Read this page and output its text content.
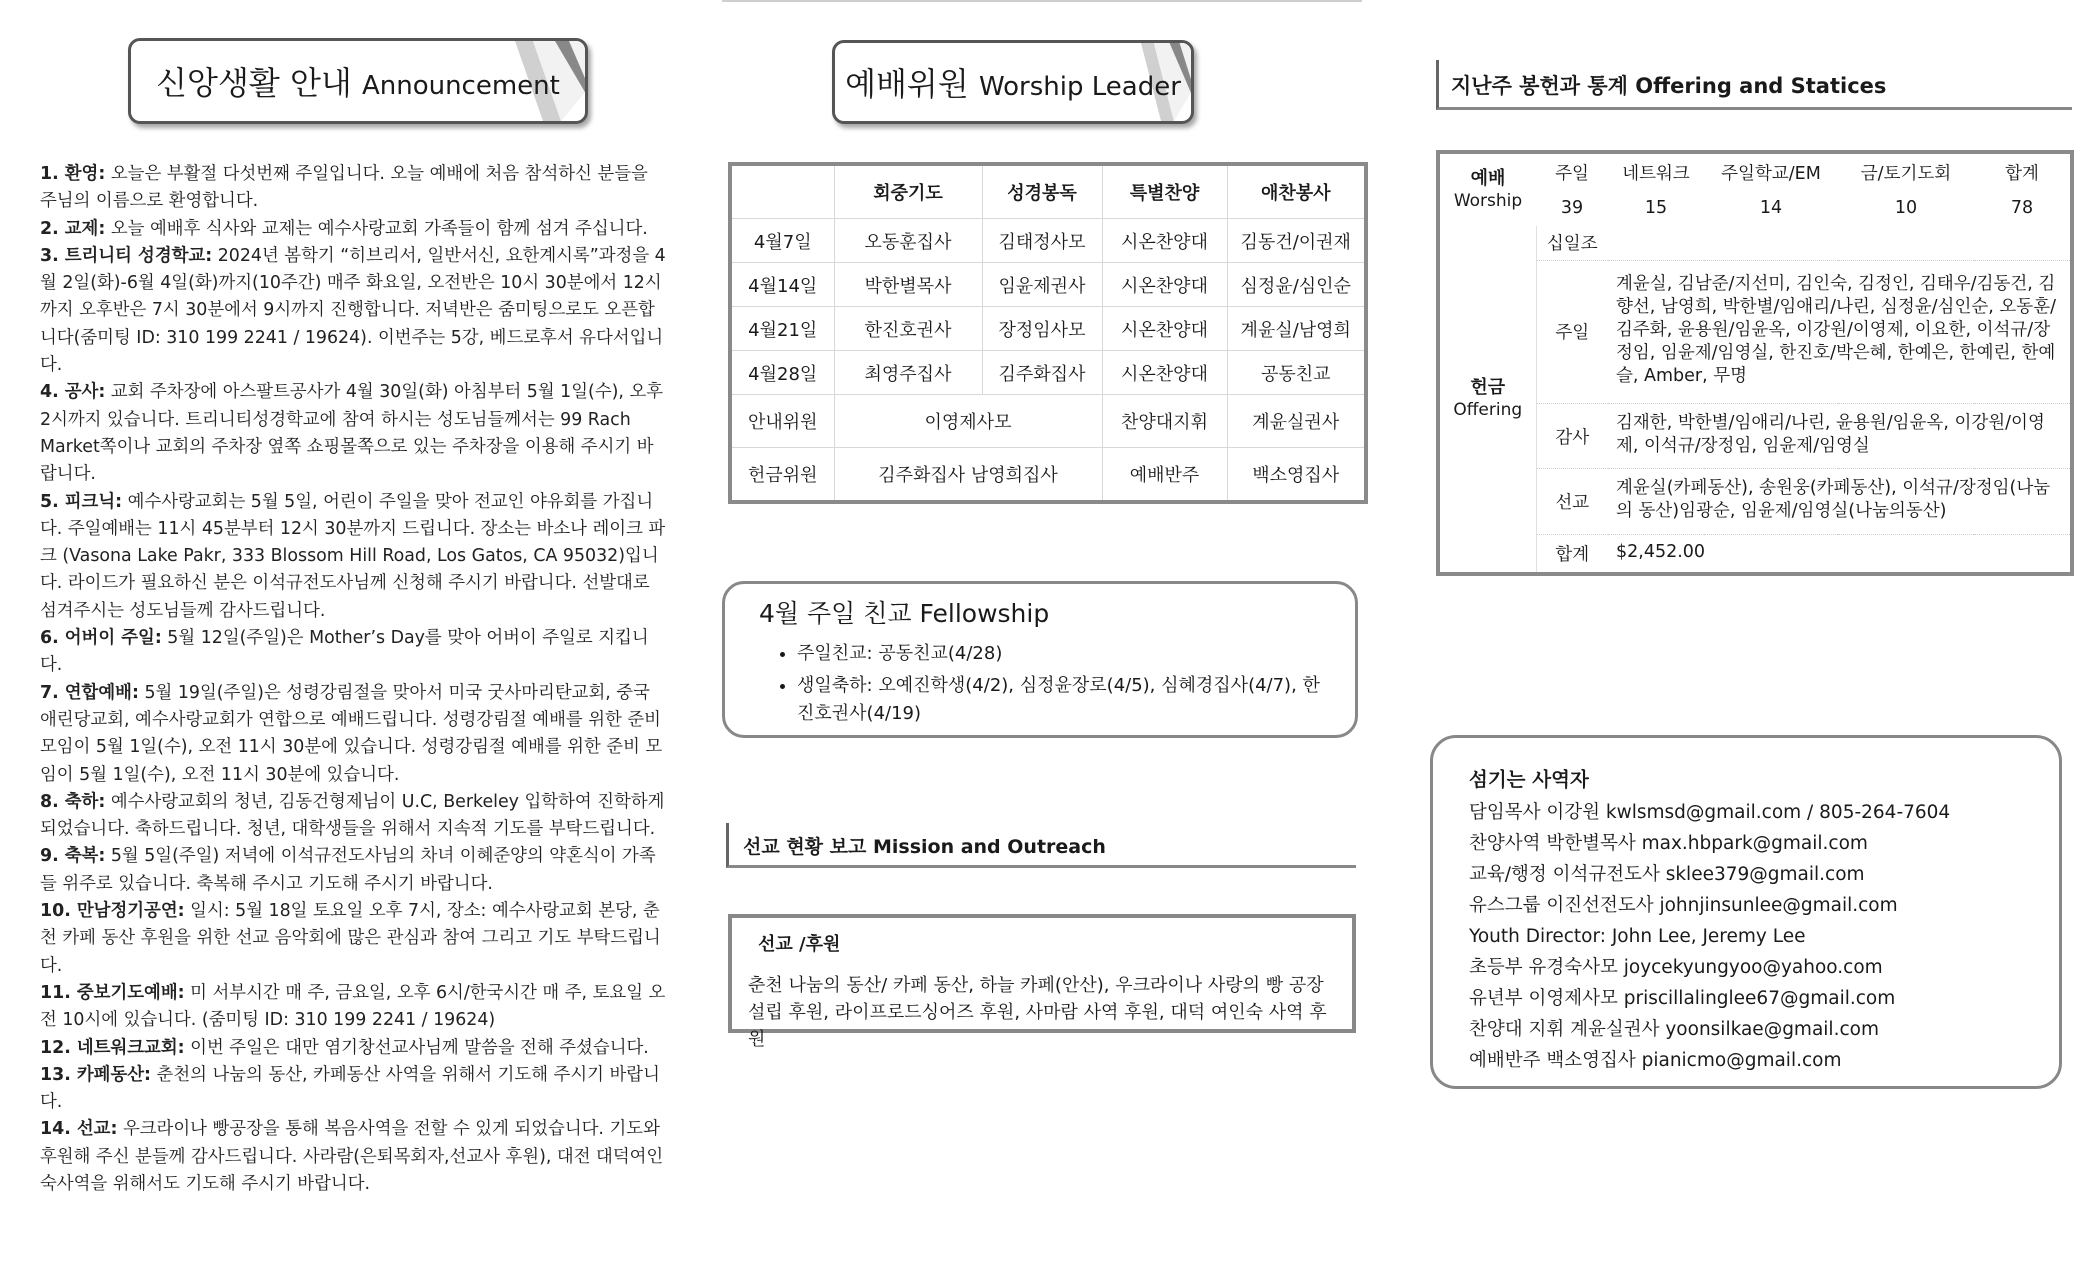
신앙생활 안내 Announcement
1. 환영: 오늘은 부활절 다섯번째 주일입니다. 오늘 예배에 처음 참석하신 분들을 주님의 이름으로 환영합니다.
2. 교제: 오늘 예배후 식사와 교제는 예수사랑교회 가족들이 함께 섬겨 주십니다.
3. 트리니티 성경학교: 2024년 봄학기 “히브리서, 일반서신, 요한계시록”과정을 4월 2일(화)-6월 4일(화)까지(10주간) 매주 화요일, 오전반은 10시 30분에서 12시까지 오후반은 7시 30분에서 9시까지 진행합니다. 저녁반은 줌미팅으로도 오픈합니다(줌미팅 ID: 310 199 2241 / 19624). 이번주는 5강, 베드로후서 유다서입니다.
4. 공사: 교회 주차장에 아스팔트공사가 4월 30일(화) 아침부터 5월 1일(수), 오후 2시까지 있습니다. 트리니티성경학교에 참여 하시는 성도님들께서는 99 Rach Market쪽이나 교회의 주차장 옆쪽 쇼핑몰쪽으로 있는 주차장을 이용해 주시기 바랍니다.
5. 피크닉: 예수사랑교회는 5월 5일, 어린이 주일을 맞아 전교인 야유회를 가집니다. 주일예배는 11시 45분부터 12시 30분까지 드립니다. 장소는 바소나 레이크 파크 (Vasona Lake Pakr, 333 Blossom Hill Road, Los Gatos, CA 95032)입니다. 라이드가 필요하신 분은 이석규전도사님께 신청해 주시기 바랍니다. 선발대로 섬겨주시는 성도님들께 감사드립니다.
6. 어버이 주일: 5월 12일(주일)은 Mother’s Day를 맞아 어버이 주일로 지킵니다.
7. 연합예배: 5월 19일(주일)은 성령강림절을 맞아서 미국 굿사마리탄교회, 중국 애린당교회, 예수사랑교회가 연합으로 예배드립니다. 성령강림절 예배를 위한 준비 모임이 5월 1일(수), 오전 11시 30분에 있습니다. 성령강림절 예배를 위한 준비 모임이 5월 1일(수), 오전 11시 30분에 있습니다.
8. 축하: 예수사랑교회의 청년, 김동건형제님이 U.C, Berkeley 입학하여 진학하게 되었습니다. 축하드립니다. 청년, 대학생들을 위해서 지속적 기도를 부탁드립니다.
9. 축복: 5월 5일(주일) 저녁에 이석규전도사님의 차녀 이혜준양의 약혼식이 가족들 위주로 있습니다. 축복해 주시고 기도해 주시기 바랍니다.
10. 만남정기공연: 일시: 5월 18일 토요일 오후 7시, 장소: 예수사랑교회 본당, 춘천 카페 동산 후원을 위한 선교 음악회에 많은 관심과 참여 그리고 기도 부탁드립니다.
11. 중보기도예배: 미 서부시간 매 주, 금요일, 오후 6시/한국시간 매 주, 토요일 오전 10시에 있습니다. (줌미팅 ID: 310 199 2241 / 19624)
12. 네트워크교회: 이번 주일은 대만 염기창선교사님께 말씀을 전해 주셨습니다.
13. 카페동산: 춘천의 나눔의 동산, 카페동산 사역을 위해서 기도해 주시기 바랍니다.
14. 선교: 우크라이나 빵공장을 통해 복음사역을 전할 수 있게 되었습니다. 기도와 후원해 주신 분들께 감사드립니다. 사라람(은퇴목회자,선교사 후원), 대전 대덕여인숙사역을 위해서도 기도해 주시기 바랍니다.
예배위원 Worship Leader
	회중기도	성경봉독	특별찬양	애찬봉사
4월7일	오동훈집사	김태정사모	시온찬양대	김동건/이권재
4월14일	박한별목사	임윤제권사	시온찬양대	심정윤/심인순
4월21일	한진호권사	장정임사모	시온찬양대	계윤실/남영희
4월28일	최영주집사	김주화집사	시온찬양대	공동친교
안내위원	이영제사모		찬양대지휘	계윤실권사
헌금위원	김주화집사 남영희집사		예배반주	백소영집사
4월 주일 친교 Fellowship
• 주일친교: 공동친교(4/28)
• 생일축하: 오예진학생(4/2), 심정윤장로(4/5), 심혜경집사(4/7), 한진호권사(4/19)
선교 현황 보고 Mission and Outreach
선교 /후원
춘천 나눔의 동산/ 카페 동산, 하늘 카페(안산), 우크라이나 사랑의 빵 공장 설립 후원, 라이프로드싱어즈 후원, 사마람 사역 후원, 대덕 여인숙 사역 후원
지난주 봉헌과 통계 Offering and Statices
예배
Worship	주일	네트워크	주일학교/EM	금/토기도회	합계
	39	15	14	10	78
헌금
Offering	십일조				
	주일	계윤실, 김남준/지선미, 김인숙, 김정인, 김태우/김동건, 김향선, 남영희, 박한별/임애리/나린, 심정윤/심인순, 오동훈/김주화, 윤용원/임윤옥, 이강원/이영제, 이요한, 이석규/장정임, 임윤제/임영실, 한진호/박은혜, 한예은, 한예린, 한예슬, Amber, 무명			
	감사	김재한, 박한별/임애리/나린, 윤용원/임윤옥, 이강원/이영제, 이석규/장정임, 임윤제/임영실			
	선교	계윤실(카페동산), 송원웅(카페동산), 이석규/장정임(나눔의 동산)임광순, 임윤제/임영실(나눔의동산)			
	합계	$2,452.00			
섬기는 사역자
담임목사 이강원 kwlsmsd@gmail.com / 805-264-7604
찬양사역 박한별목사 max.hbpark@gmail.com
교육/행정 이석규전도사 sklee379@gmail.com
유스그룹 이진선전도사 johnjinsunlee@gmail.com
Youth Director: John Lee, Jeremy Lee
초등부 유경숙사모 joycekyungyoo@yahoo.com
유년부 이영제사모 priscillalinglee67@gmail.com
찬양대 지휘 계윤실권사 yoonsilkae@gmail.com
예배반주 백소영집사 pianicmo@gmail.com
